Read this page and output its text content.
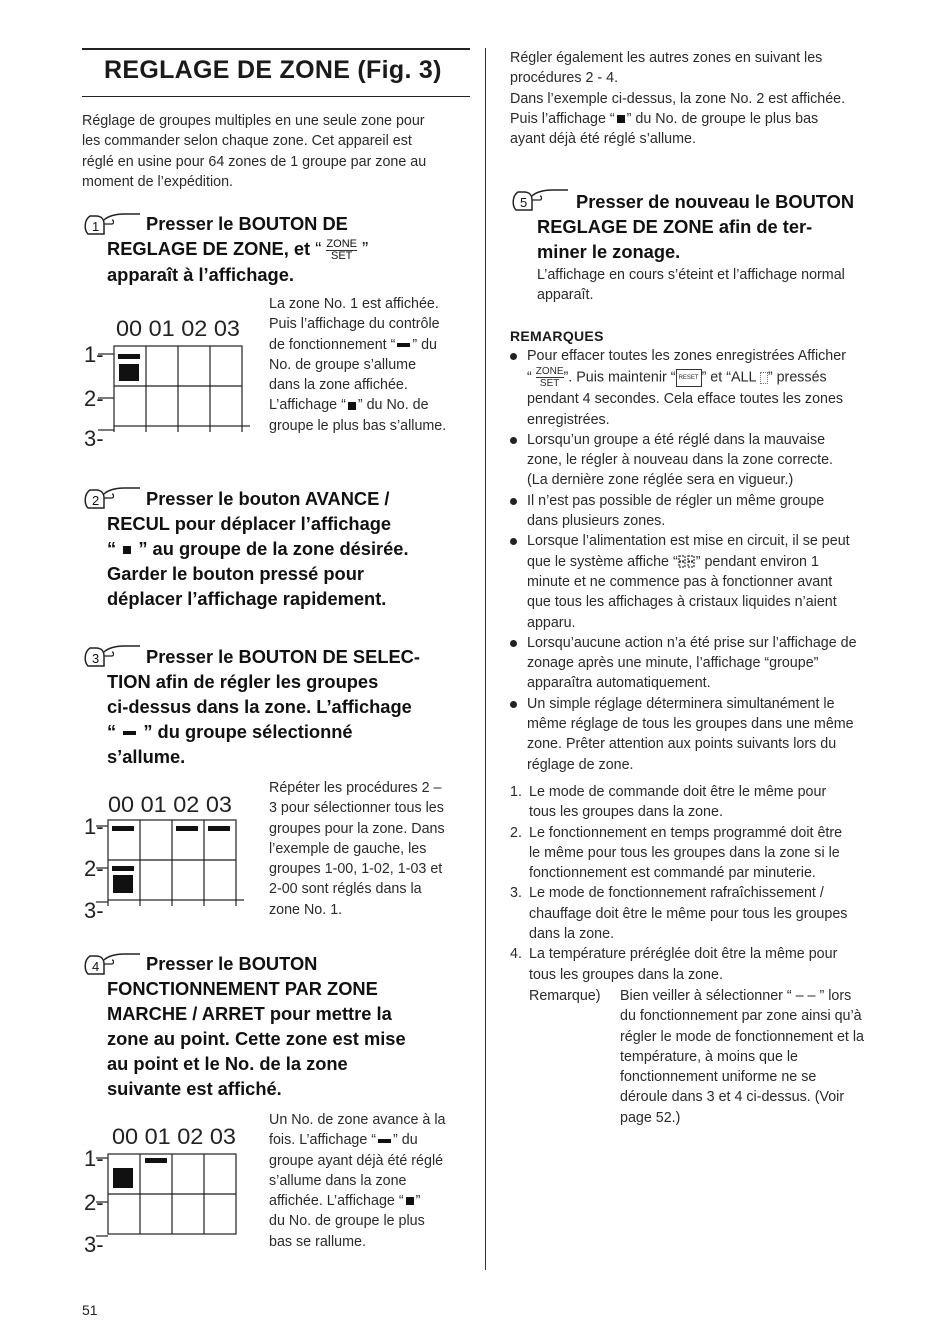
REGLAGE DE ZONE (Fig. 3)
Réglage de groupes multiples en une seule zone pour
les commander selon chaque zone. Cet appareil est
réglé en usine pour 64 zones de 1 groupe par zone au
moment de l’expédition.
1	Presser le BOUTON DE
REGLAGE DE ZONE, et “ ZONE
SET ”
apparaît à l’affichage.
00 01 02 03
1-
2-
3-
La zone No. 1 est affichée.
Puis l’affichage du contrôle
de fonctionnement “ ” du
No. de groupe s’allume
dans la zone affichée.
L’affichage “ ” du No. de
groupe le plus bas s’allume.
2	Presser le bouton AVANCE /
RECUL pour déplacer l’affichage
“ ” au groupe de la zone désirée.
Garder le bouton pressé pour
déplacer l’affichage rapidement.
3	Presser le BOUTON DE SELEC-
TION afin de régler les groupes
ci-dessus dans la zone. L’affichage
“ ” du groupe sélectionné
s’allume.
00 01 02 03
1-
2-
3-
Répéter les procédures 2 –
3 pour sélectionner tous les
groupes pour la zone. Dans
l’exemple de gauche, les
groupes 1-00, 1-02, 1-03 et
2-00 sont réglés dans la
zone No. 1.
4	Presser le BOUTON
FONCTIONNEMENT PAR ZONE
MARCHE / ARRET pour mettre la
zone au point. Cette zone est mise
au point et le No. de la zone
suivante est affiché.
00 01 02 03
1-
2-
3-
Un No. de zone avance à la
fois. L’affichage “ ” du
groupe ayant déjà été réglé
s’allume dans la zone
affichée. L’affichage “ ”
du No. de groupe le plus
bas se rallume.
Régler également les autres zones en suivant les
procédures 2 - 4.
Dans l’exemple ci-dessus, la zone No. 2 est affichée.
Puis l’affichage “ ” du No. de groupe le plus bas
ayant déjà été réglé s’allume.
5	Presser de nouveau le BOUTON
REGLAGE DE ZONE afin de ter-
miner le zonage.
L’affichage en cours s’éteint et l’affichage normal
apparaît.
REMARQUES
Pour effacer toutes les zones enregistrées Afficher
“ ZONE
SET ”. Puis maintenir “ RESET ” et “ALL ” pressés
pendant 4 secondes. Cela efface toutes les zones
enregistrées.
Lorsqu’un groupe a été réglé dans la mauvaise
zone, le régler à nouveau dans la zone correcte.
(La dernière zone réglée sera en vigueur.)
Il n’est pas possible de régler un même groupe
dans plusieurs zones.
Lorsque l’alimentation est mise en circuit, il se peut
que le système affiche “ ” pendant environ 1
minute et ne commence pas à fonctionner avant
que tous les affichages à cristaux liquides n’aient
apparu.
Lorsqu’aucune action n’a été prise sur l’affichage de
zonage après une minute, l’affichage “groupe”
apparaîtra automatiquement.
Un simple réglage déterminera simultanément le
même réglage de tous les groupes dans une même
zone. Prêter attention aux points suivants lors du
réglage de zone.
1. Le mode de commande doit être le même pour
tous les groupes dans la zone.
2. Le fonctionnement en temps programmé doit être
le même pour tous les groupes dans la zone si le
fonctionnement est commandé par minuterie.
3. Le mode de fonctionnement rafraîchissement /
chauffage doit être le même pour tous les groupes
dans la zone.
4. La température préréglée doit être la même pour
tous les groupes dans la zone.
Remarque) Bien veiller à sélectionner “ – – ” lors
du fonctionnement par zone ainsi qu’à
régler le mode de fonctionnement et la
température, à moins que le
fonctionnement uniforme ne se
déroule dans 3 et 4 ci-dessus. (Voir
page 52.)
51
